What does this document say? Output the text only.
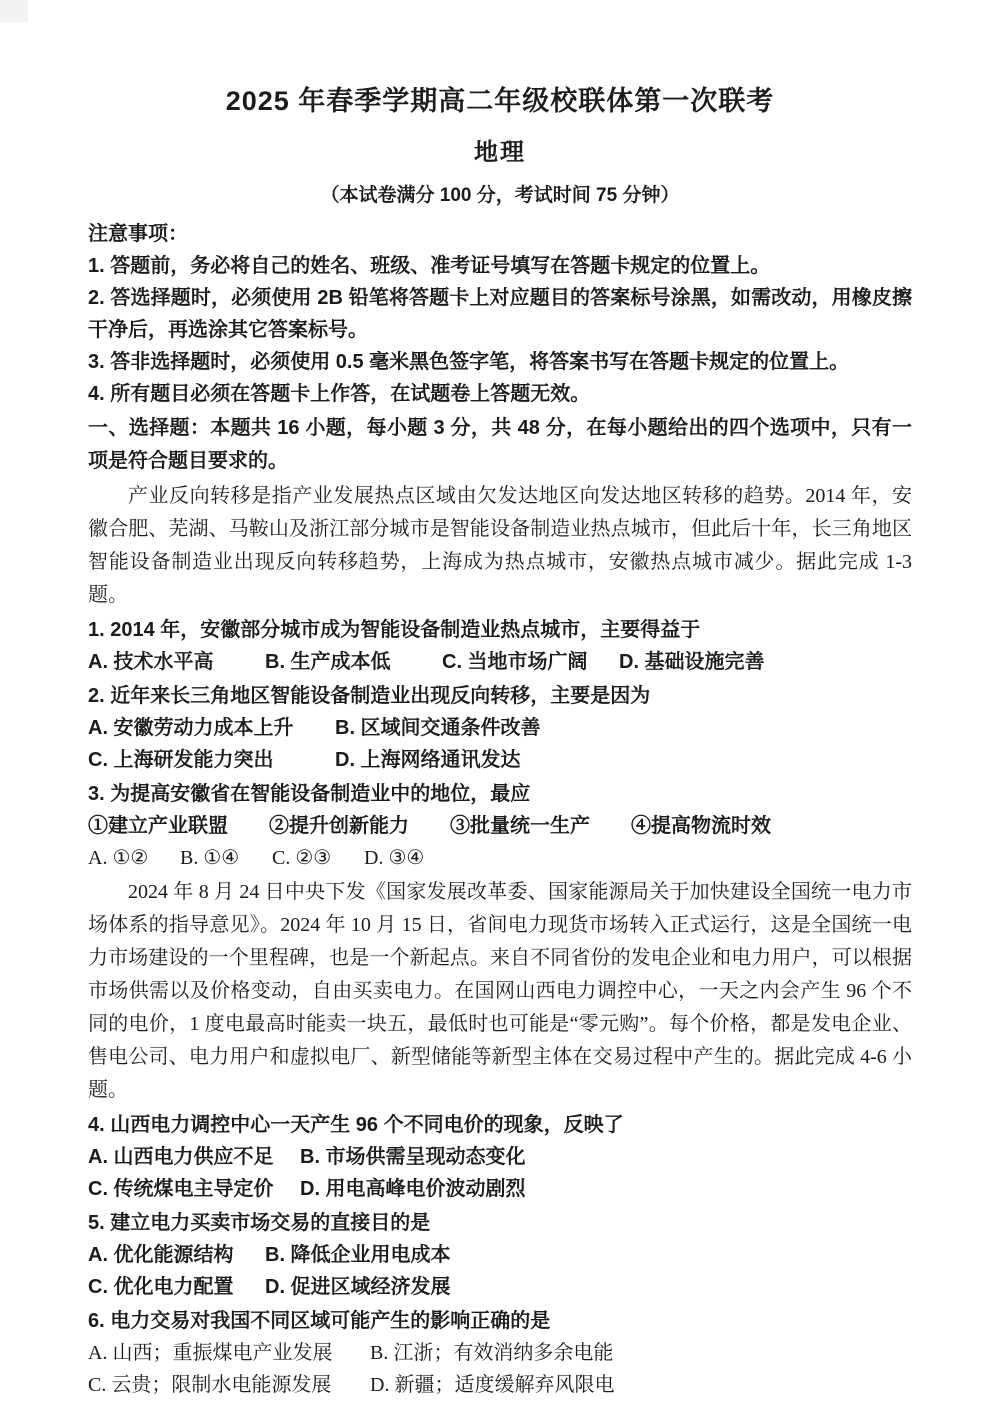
2025 年春季学期高二年级校联体第一次联考
地理
（本试卷满分 100 分，考试时间 75 分钟）
注意事项：
1. 答题前，务必将自己的姓名、班级、准考证号填写在答题卡规定的位置上。
2. 答选择题时，必须使用 2B 铅笔将答题卡上对应题目的答案标号涂黑，如需改动，用橡皮擦干净后，再选涂其它答案标号。
3. 答非选择题时，必须使用 0.5 毫米黑色签字笔，将答案书写在答题卡规定的位置上。
4. 所有题目必须在答题卡上作答，在试题卷上答题无效。
一、选择题：本题共 16 小题，每小题 3 分，共 48 分，在每小题给出的四个选项中，只有一项是符合题目要求的。
产业反向转移是指产业发展热点区域由欠发达地区向发达地区转移的趋势。2014 年，安徽合肥、芜湖、马鞍山及浙江部分城市是智能设备制造业热点城市，但此后十年，长三角地区智能设备制造业出现反向转移趋势，上海成为热点城市，安徽热点城市减少。据此完成 1-3 题。
1. 2014 年，安徽部分城市成为智能设备制造业热点城市，主要得益于
A. 技术水平高	B. 生产成本低	C. 当地市场广阔	D. 基础设施完善
2. 近年来长三角地区智能设备制造业出现反向转移，主要是因为
A. 安徽劳动力成本上升	B. 区域间交通条件改善
C. 上海研发能力突出	D. 上海网络通讯发达
3. 为提高安徽省在智能设备制造业中的地位，最应
①建立产业联盟	②提升创新能力	③批量统一生产	④提高物流时效
A. ①②	B. ①④	C. ②③	D. ③④
2024 年 8 月 24 日中央下发《国家发展改革委、国家能源局关于加快建设全国统一电力市场体系的指导意见》。2024 年 10 月 15 日，省间电力现货市场转入正式运行，这是全国统一电力市场建设的一个里程碑，也是一个新起点。来自不同省份的发电企业和电力用户，可以根据市场供需以及价格变动，自由买卖电力。在国网山西电力调控中心，一天之内会产生 96 个不同的电价，1 度电最高时能卖一块五，最低时也可能是“零元购”。每个价格，都是发电企业、售电公司、电力用户和虚拟电厂、新型储能等新型主体在交易过程中产生的。据此完成 4-6 小题。
4. 山西电力调控中心一天产生 96 个不同电价的现象，反映了
A. 山西电力供应不足	B. 市场供需呈现动态变化
C. 传统煤电主导定价	D. 用电高峰电价波动剧烈
5. 建立电力买卖市场交易的直接目的是
A. 优化能源结构	B. 降低企业用电成本
C. 优化电力配置	D. 促进区域经济发展
6. 电力交易对我国不同区域可能产生的影响正确的是
A. 山西；重振煤电产业发展	B. 江浙；有效消纳多余电能
C. 云贵；限制水电能源发展	D. 新疆；适度缓解弃风限电
